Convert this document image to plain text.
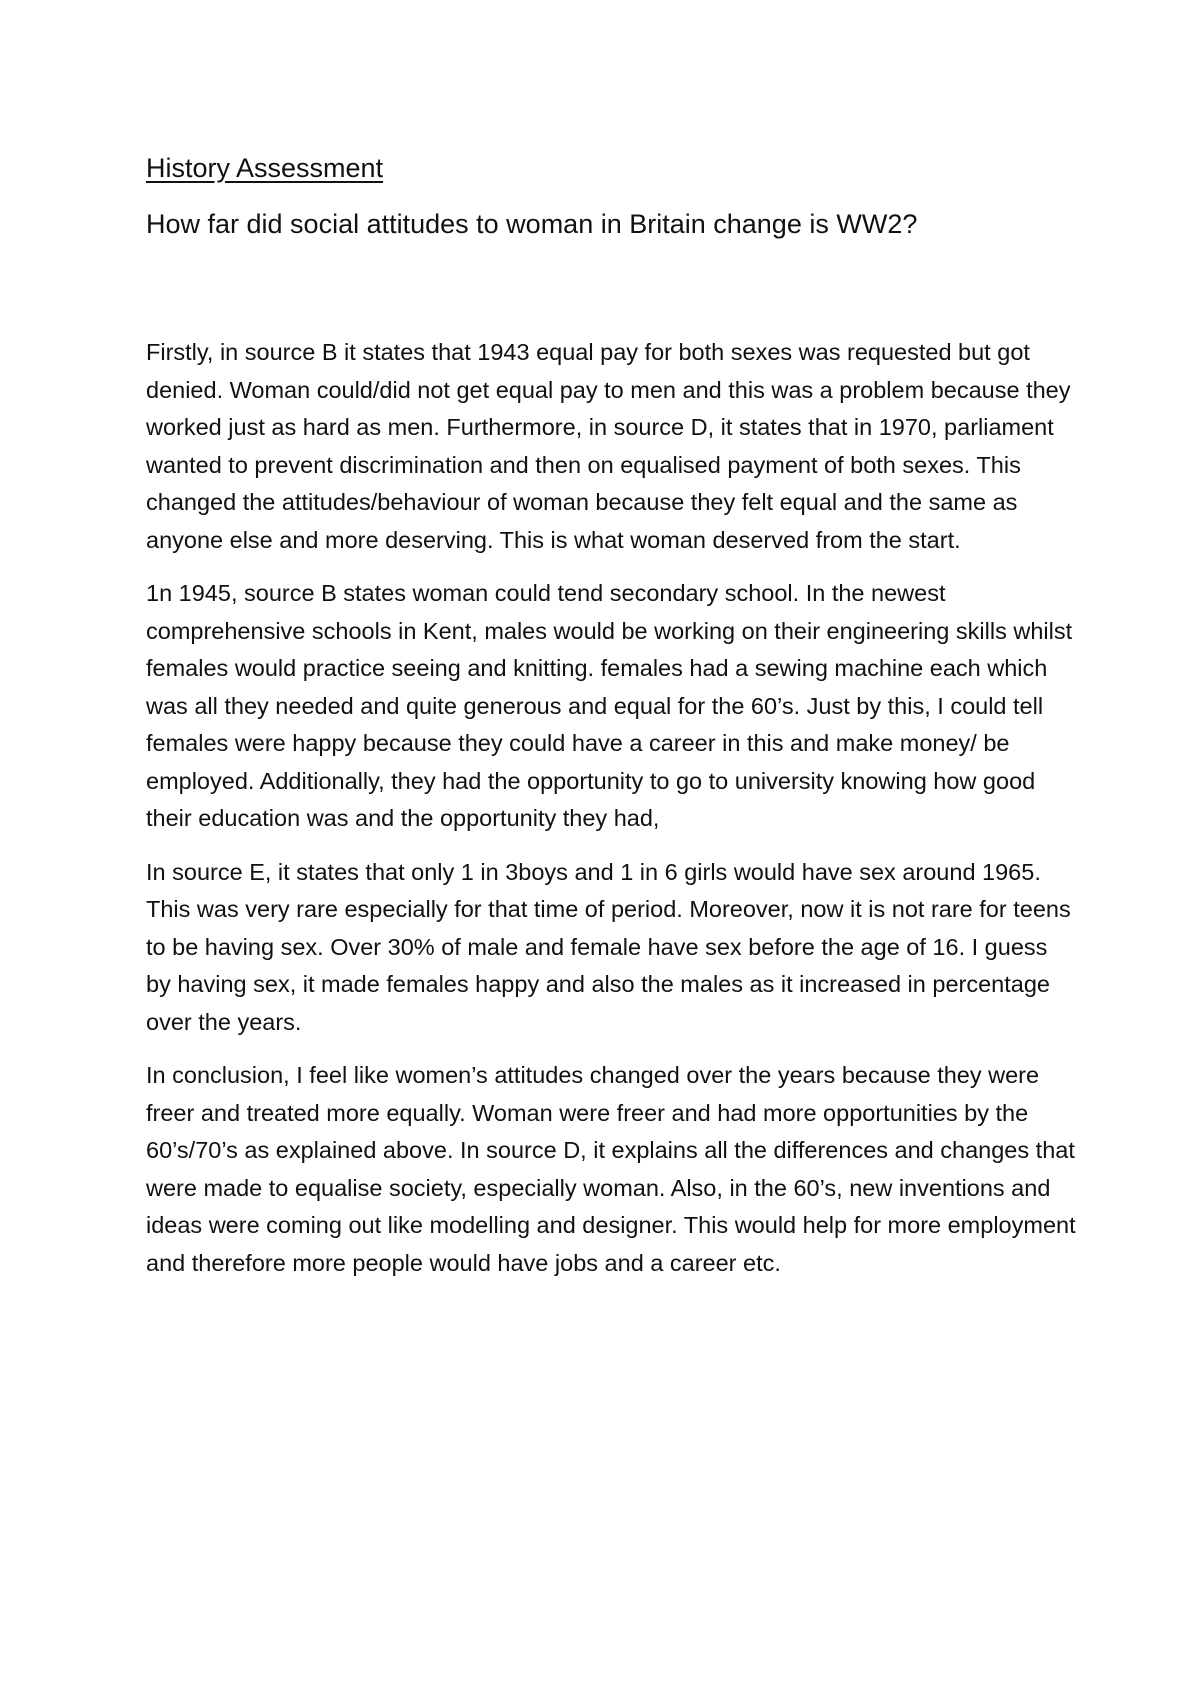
History Assessment
How far did social attitudes to woman in Britain change is WW2?

Firstly, in source B it states that 1943 equal pay for both sexes was requested but got denied. Woman could/did not get equal pay to men and this was a problem because they worked just as hard as men. Furthermore, in source D, it states that in 1970, parliament wanted to prevent discrimination and then on equalised payment of both sexes. This changed the attitudes/behaviour of woman because they felt equal and the same as anyone else and more deserving. This is what woman deserved from the start.

1n 1945, source B states woman could tend secondary school. In the newest comprehensive schools in Kent, males would be working on their engineering skills whilst females would practice seeing and knitting. females had a sewing machine each which was all they needed and quite generous and equal for the 60’s. Just by this, I could tell females were happy because they could have a career in this and make money/ be employed. Additionally, they had the opportunity to go to university knowing how good their education was and the opportunity they had,

In source E, it states that only 1 in 3boys and 1 in 6 girls would have sex around 1965. This was very rare especially for that time of period. Moreover, now it is not rare for teens to be having sex. Over 30% of male and female have sex before the age of 16. I guess by having sex, it made females happy and also the males as it increased in percentage over the years.

In conclusion, I feel like women’s attitudes changed over the years because they were freer and treated more equally. Woman were freer and had more opportunities by the 60’s/70’s as explained above. In source D, it explains all the differences and changes that were made to equalise society, especially woman. Also, in the 60’s, new inventions and ideas were coming out like modelling and designer. This would help for more employment and therefore more people would have jobs and a career etc.
